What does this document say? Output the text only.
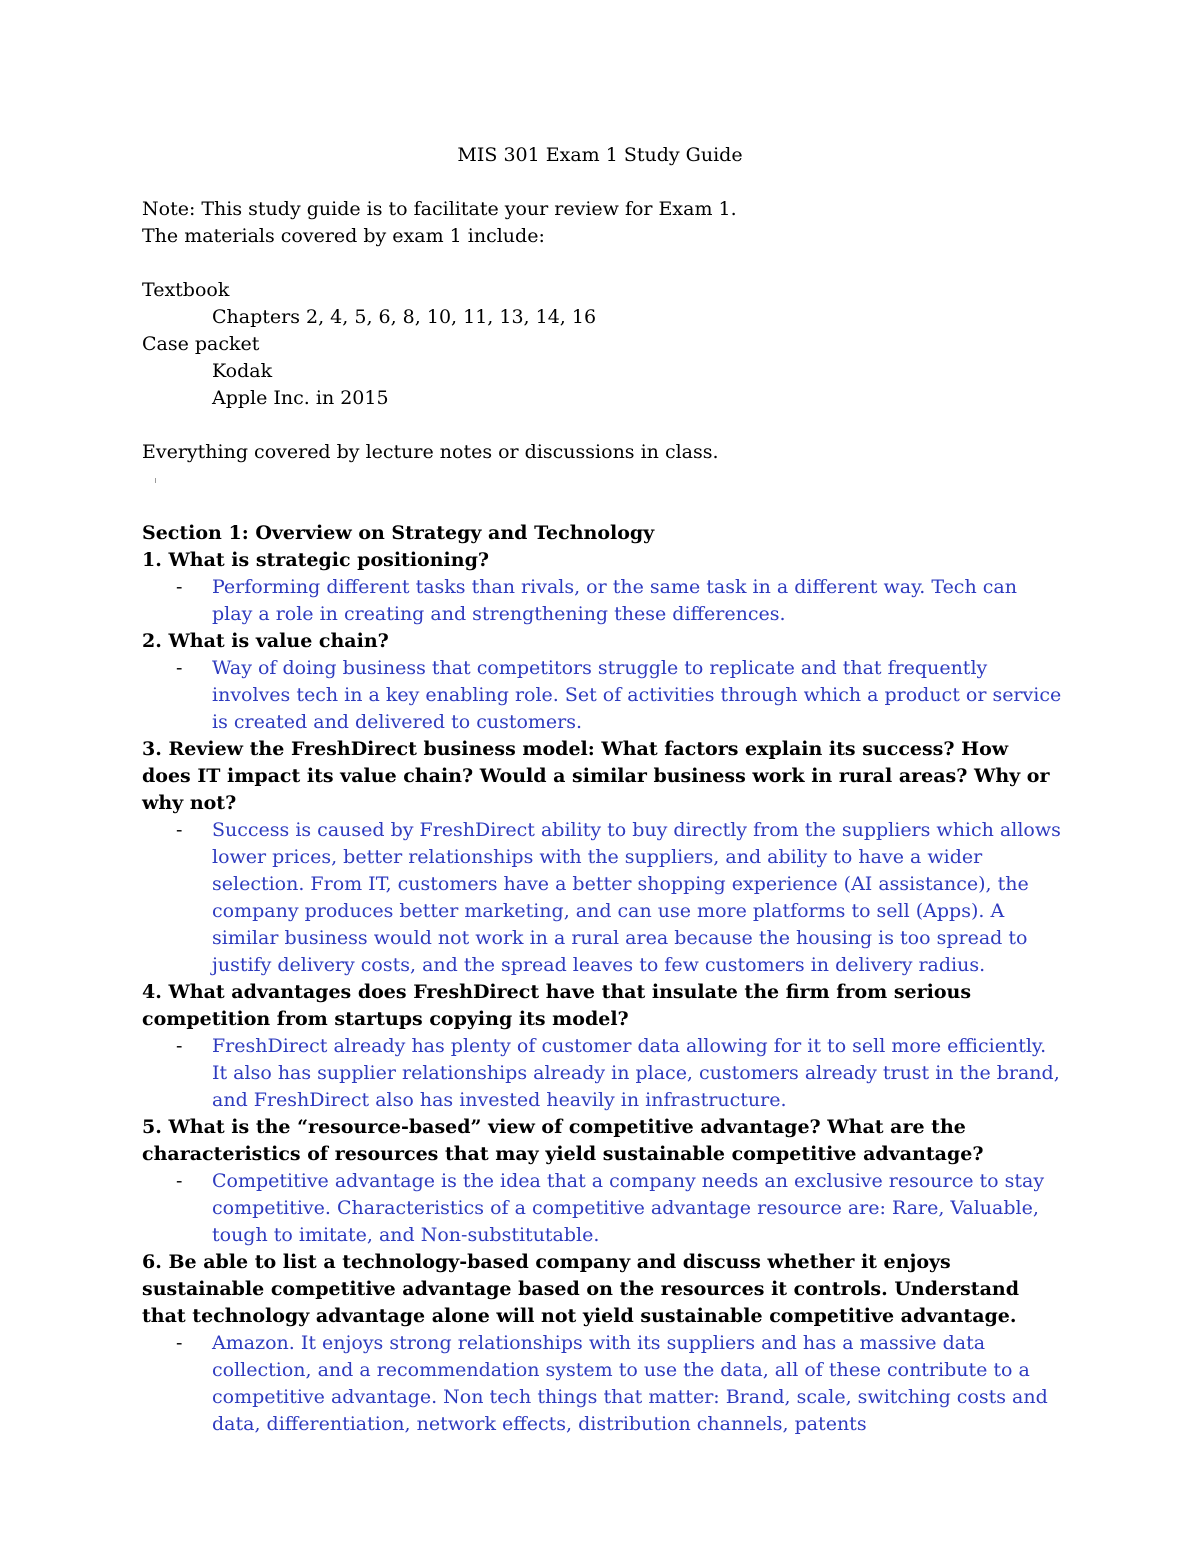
MIS 301 Exam 1 Study Guide

Note: This study guide is to facilitate your review for Exam 1.

The materials covered by exam 1 include:

Textbook

Chapters 2, 4, 5, 6, 8, 10, 11, 13, 14, 16

Case packet

Kodak

Apple Inc. in 2015

Everything covered by lecture notes or discussions in class.

Section 1: Overview on Strategy and Technology

1. What is strategic positioning?

- Performing different tasks than rivals, or the same task in a different way. Tech can play a role in creating and strengthening these differences.

2. What is value chain?

- Way of doing business that competitors struggle to replicate and that frequently involves tech in a key enabling role. Set of activities through which a product or service is created and delivered to customers.

3. Review the FreshDirect business model: What factors explain its success? How does IT impact its value chain? Would a similar business work in rural areas? Why or why not?

- Success is caused by FreshDirect ability to buy directly from the suppliers which allows lower prices, better relationships with the suppliers, and ability to have a wider selection. From IT, customers have a better shopping experience (AI assistance), the company produces better marketing, and can use more platforms to sell (Apps). A similar business would not work in a rural area because the housing is too spread to justify delivery costs, and the spread leaves to few customers in delivery radius.

4. What advantages does FreshDirect have that insulate the firm from serious competition from startups copying its model?

- FreshDirect already has plenty of customer data allowing for it to sell more efficiently. It also has supplier relationships already in place, customers already trust in the brand, and FreshDirect also has invested heavily in infrastructure.

5. What is the “resource-based” view of competitive advantage? What are the characteristics of resources that may yield sustainable competitive advantage?

- Competitive advantage is the idea that a company needs an exclusive resource to stay competitive. Characteristics of a competitive advantage resource are: Rare, Valuable, tough to imitate, and Non-substitutable.

6. Be able to list a technology-based company and discuss whether it enjoys sustainable competitive advantage based on the resources it controls. Understand that technology advantage alone will not yield sustainable competitive advantage.

- Amazon. It enjoys strong relationships with its suppliers and has a massive data collection, and a recommendation system to use the data, all of these contribute to a competitive advantage. Non tech things that matter: Brand, scale, switching costs and data, differentiation, network effects, distribution channels, patents
